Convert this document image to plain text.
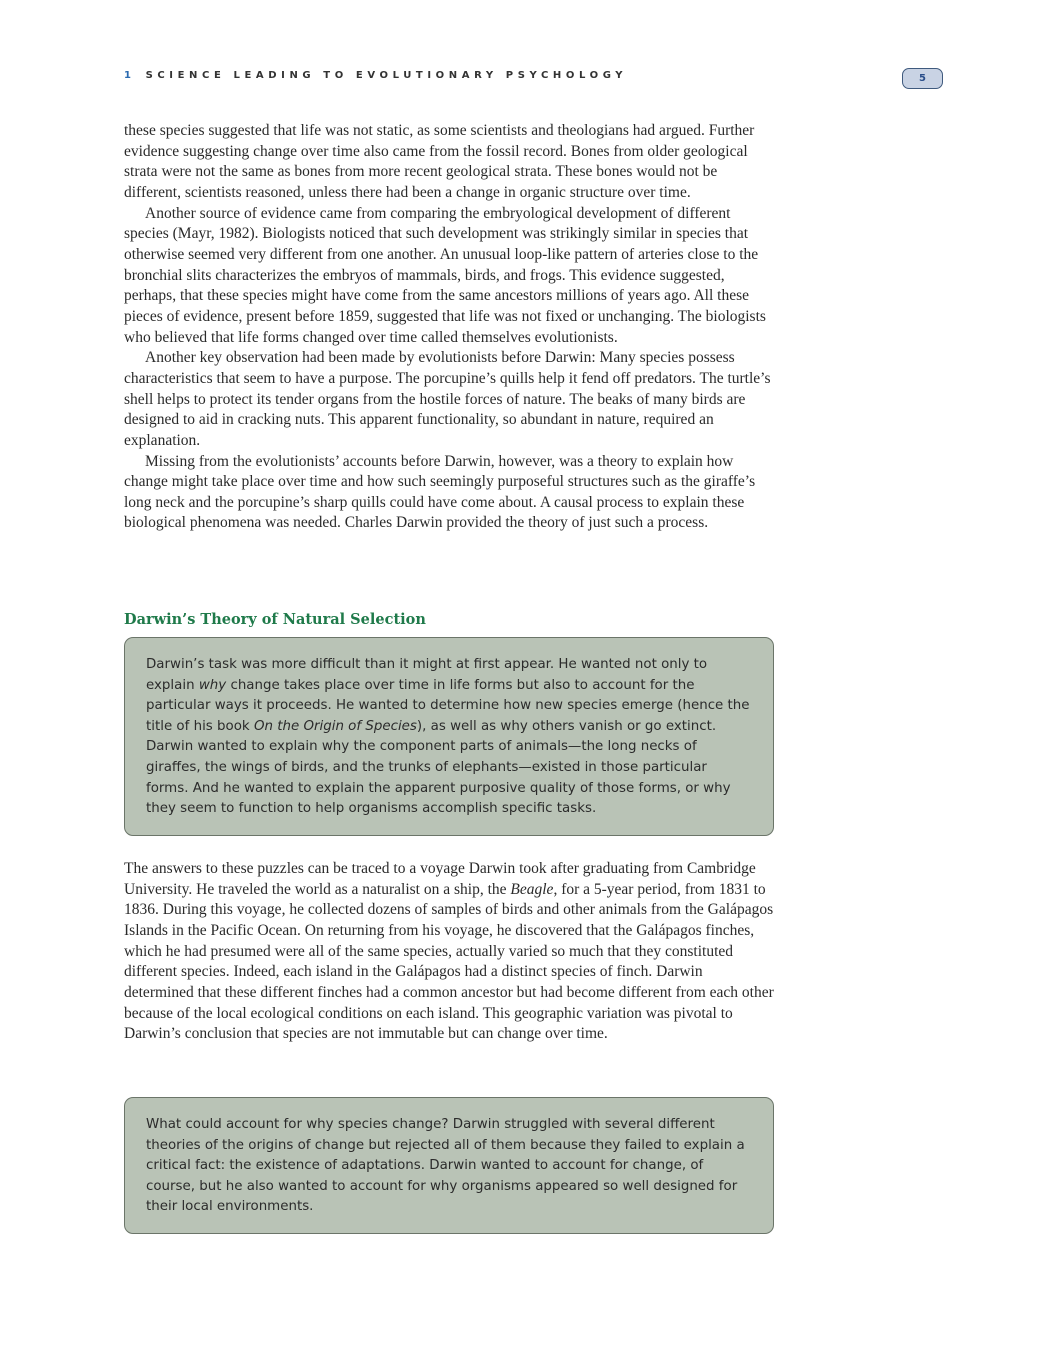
1 SCIENCE LEADING TO EVOLUTIONARY PSYCHOLOGY	5

these species suggested that life was not static, as some scientists and theologians had argued. Further evidence suggesting change over time also came from the fossil record. Bones from older geological strata were not the same as bones from more recent geological strata. These bones would not be different, scientists reasoned, unless there had been a change in organic structure over time.

Another source of evidence came from comparing the embryological development of different species (Mayr, 1982). Biologists noticed that such development was strikingly similar in species that otherwise seemed very different from one another. An unusual loop-like pattern of arteries close to the bronchial slits characterizes the embryos of mammals, birds, and frogs. This evidence suggested, perhaps, that these species might have come from the same ancestors millions of years ago. All these pieces of evidence, present before 1859, suggested that life was not fixed or unchanging. The biologists who believed that life forms changed over time called themselves evolutionists.

Another key observation had been made by evolutionists before Darwin: Many species possess characteristics that seem to have a purpose. The porcupine’s quills help it fend off predators. The turtle’s shell helps to protect its tender organs from the hostile forces of nature. The beaks of many birds are designed to aid in cracking nuts. This apparent functionality, so abundant in nature, required an explanation.

Missing from the evolutionists’ accounts before Darwin, however, was a theory to explain how change might take place over time and how such seemingly purposeful structures such as the giraffe’s long neck and the porcupine’s sharp quills could have come about. A causal process to explain these biological phenomena was needed. Charles Darwin provided the theory of just such a process.

Darwin’s Theory of Natural Selection

Darwin’s task was more difficult than it might at first appear. He wanted not only to explain why change takes place over time in life forms but also to account for the particular ways it proceeds. He wanted to determine how new species emerge (hence the title of his book On the Origin of Species), as well as why others vanish or go extinct. Darwin wanted to explain why the component parts of animals—the long necks of giraffes, the wings of birds, and the trunks of elephants—existed in those particular forms. And he wanted to explain the apparent purposive quality of those forms, or why they seem to function to help organisms accomplish specific tasks.

The answers to these puzzles can be traced to a voyage Darwin took after graduating from Cambridge University. He traveled the world as a naturalist on a ship, the Beagle, for a 5-year period, from 1831 to 1836. During this voyage, he collected dozens of samples of birds and other animals from the Galápagos Islands in the Pacific Ocean. On returning from his voyage, he discovered that the Galápagos finches, which he had presumed were all of the same species, actually varied so much that they constituted different species. Indeed, each island in the Galápagos had a distinct species of finch. Darwin determined that these different finches had a common ancestor but had become different from each other because of the local ecological conditions on each island. This geographic variation was pivotal to Darwin’s conclusion that species are not immutable but can change over time.

What could account for why species change? Darwin struggled with several different theories of the origins of change but rejected all of them because they failed to explain a critical fact: the existence of adaptations. Darwin wanted to account for change, of course, but he also wanted to account for why organisms appeared so well designed for their local environments.
